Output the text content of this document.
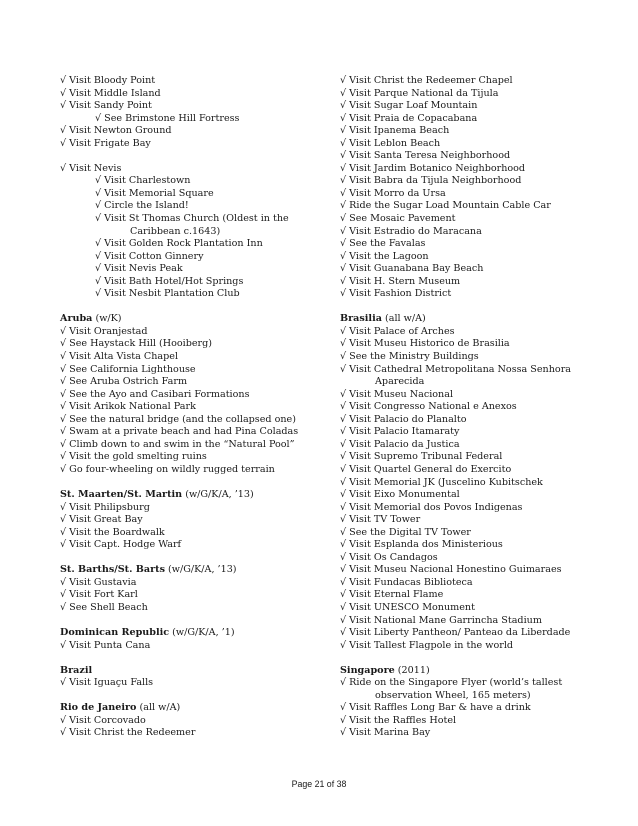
√ Visit Bloody Point
√ Visit Middle Island
√ Visit Sandy Point
√ See Brimstone Hill Fortress
√ Visit Newton Ground
√ Visit Frigate Bay
√ Visit Nevis
√ Visit Charlestown
√ Visit Memorial Square
√ Circle the Island!
√ Visit St Thomas Church (Oldest in the
Caribbean c.1643)
√ Visit Golden Rock Plantation Inn
√ Visit Cotton Ginnery
√ Visit Nevis Peak
√ Visit Bath Hotel/Hot Springs
√ Visit Nesbit Plantation Club
Aruba (w/K)
√ Visit Oranjestad
√ See Haystack Hill (Hooiberg)
√ Visit Alta Vista Chapel
√ See California Lighthouse
√ See Aruba Ostrich Farm
√ See the Ayo and Casibari Formations
√ Visit Arikok National Park
√ See the natural bridge (and the collapsed one)
√ Swam at a private beach and had Pina Coladas
√ Climb down to and swim in the “Natural Pool”
√ Visit the gold smelting ruins
√ Go four-wheeling on wildly rugged terrain
St. Maarten/St. Martin (w/G/K/A, ’13)
√ Visit Philipsburg
√ Visit Great Bay
√ Visit the Boardwalk
√ Visit Capt. Hodge Warf
St. Barths/St. Barts (w/G/K/A, ’13)
√ Visit Gustavia
√ Visit Fort Karl
√ See Shell Beach
Dominican Republic (w/G/K/A, ’1)
√ Visit Punta Cana
Brazil
√ Visit Iguaçu Falls
Rio de Janeiro (all w/A)
√ Visit Corcovado
√ Visit Christ the Redeemer
√ Visit Christ the Redeemer Chapel
√ Visit Parque National da Tijula
√ Visit Sugar Loaf Mountain
√ Visit Praia de Copacabana
√ Visit Ipanema Beach
√ Visit Leblon Beach
√ Visit Santa Teresa Neighborhood
√ Visit Jardim Botanico Neighborhood
√ Visit Babra da Tijula Neighborhood
√ Visit Morro da Ursa
√ Ride the Sugar Load Mountain Cable Car
√ See Mosaic Pavement
√ Visit Estradio do Maracana
√ See the Favalas
√ Visit the Lagoon
√ Visit Guanabana Bay Beach
√ Visit H. Stern Museum
√ Visit Fashion District
Brasilia (all w/A)
√ Visit Palace of Arches
√ Visit Museu Historico de Brasilia
√ See the Ministry Buildings
√ Visit Cathedral Metropolitana Nossa Senhora
Aparecida
√ Visit Museu Nacional
√ Visit Congresso National e Anexos
√ Visit Palacio do Planalto
√ Visit Palacio Itamaraty
√ Visit Palacio da Justica
√ Visit Supremo Tribunal Federal
√ Visit Quartel General do Exercito
√ Visit Memorial JK (Juscelino Kubitschek
√ Visit Eixo Monumental
√ Visit Memorial dos Povos Indigenas
√ Visit TV Tower
√ See the Digital TV Tower
√ Visit Esplanda dos Ministerious
√ Visit Os Candagos
√ Visit Museu Nacional Honestino Guimaraes
√ Visit Fundacas Biblioteca
√ Visit Eternal Flame
√ Visit UNESCO Monument
√ Visit National Mane Garrincha Stadium
√ Visit Liberty Pantheon/ Panteao da Liberdade
√ Visit Tallest Flagpole in the world
Singapore (2011)
√ Ride on the Singapore Flyer (world’s tallest
observation Wheel, 165 meters)
√ Visit Raffles Long Bar & have a drink
√ Visit the Raffles Hotel
√ Visit Marina Bay
Page 21 of 38
